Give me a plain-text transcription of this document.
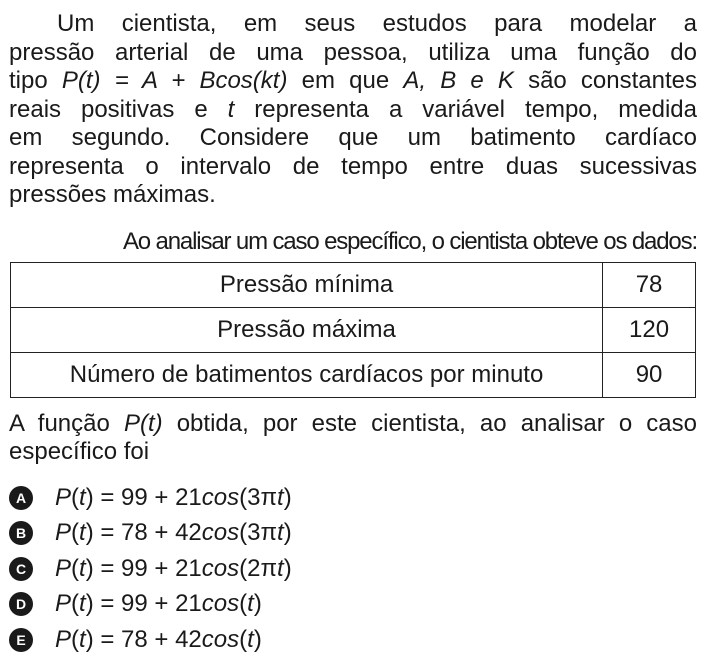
Um cientista, em seus estudos para modelar a
pressão arterial de uma pessoa, utiliza uma função do
tipo P(t) = A + Bcos(kt) em que A, B e K são constantes
reais positivas e t representa a variável tempo, medida
em segundo. Considere que um batimento cardíaco
representa o intervalo de tempo entre duas sucessivas
pressões máximas.

Ao analisar um caso específico, o cientista obteve os dados:

Pressão mínima	78
Pressão máxima	120
Número de batimentos cardíacos por minuto	90
A função P(t) obtida, por este cientista, ao analisar o caso
específico foi
A P(t) = 99 + 21cos(3πt)
B P(t) = 78 + 42cos(3πt)
C P(t) = 99 + 21cos(2πt)
D P(t) = 99 + 21cos(t)
E	P(t) = 78 + 42cos(t)
